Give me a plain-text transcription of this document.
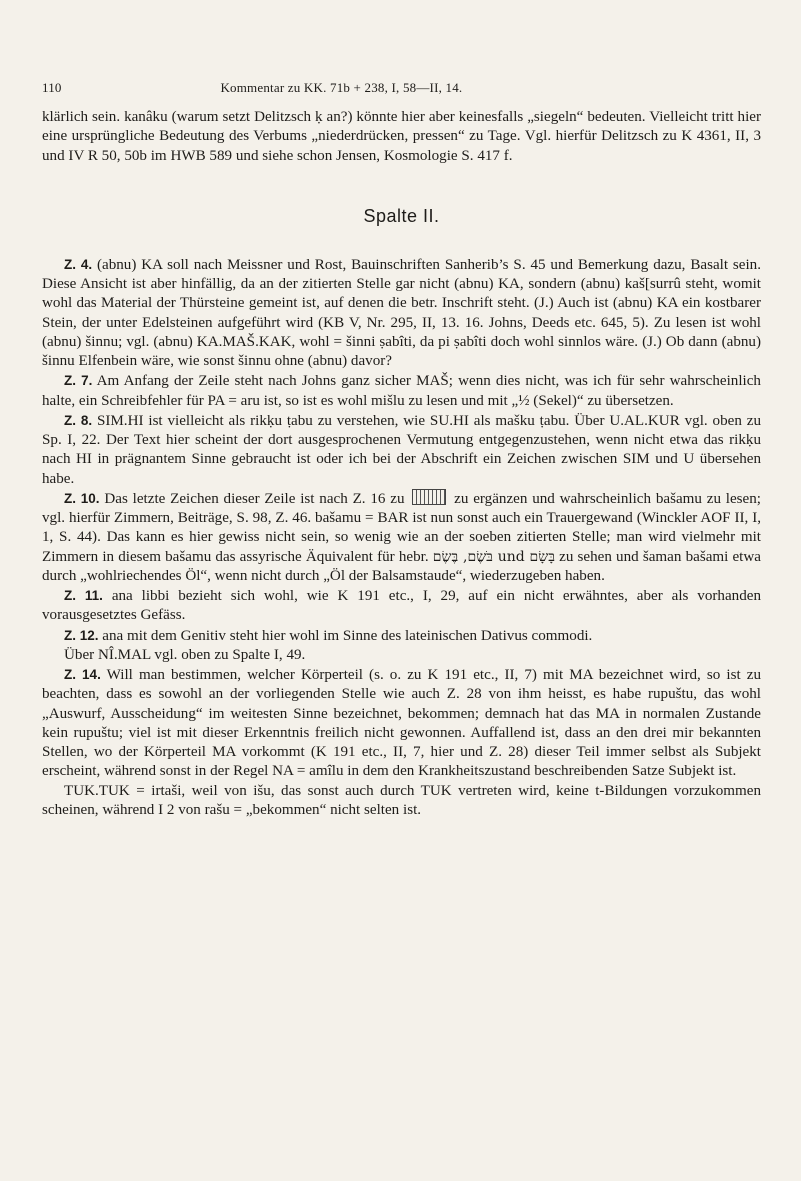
110	Kommentar zu KK. 71b + 238, I, 58—II, 14.

klärlich sein. kanâku (warum setzt Delitzsch ḳ an?) könnte hier aber keinesfalls „siegeln“ bedeuten. Vielleicht tritt hier eine ursprüngliche Bedeutung des Verbums „niederdrücken, pressen“ zu Tage. Vgl. hierfür Delitzsch zu K 4361, II, 3 und IV R 50, 50b im HWB 589 und siehe schon Jensen, Kosmologie S. 417 f.

Spalte II.

Z. 4. (abnu) KA soll nach Meissner und Rost, Bauinschriften Sanherib’s S. 45 und Bemerkung dazu, Basalt sein. Diese Ansicht ist aber hinfällig, da an der zitierten Stelle gar nicht (abnu) KA, sondern (abnu) kaš[surrû steht, womit wohl das Material der Thürsteine gemeint ist, auf denen die betr. Inschrift steht. (J.) Auch ist (abnu) KA ein kostbarer Stein, der unter Edelsteinen aufgeführt wird (KB V, Nr. 295, II, 13. 16. Johns, Deeds etc. 645, 5). Zu lesen ist wohl (abnu) šinnu; vgl. (abnu) KA.MAŠ.KAK, wohl = šinni ṣabîti, da pi ṣabîti doch wohl sinnlos wäre. (J.) Ob dann (abnu) šinnu Elfenbein wäre, wie sonst šinnu ohne (abnu) davor?

Z. 7. Am Anfang der Zeile steht nach Johns ganz sicher MAŠ; wenn dies nicht, was ich für sehr wahrscheinlich halte, ein Schreibfehler für PA = aru ist, so ist es wohl mišlu zu lesen und mit „½ (Sekel)“ zu übersetzen.

Z. 8. SIM.HI ist vielleicht als rikḳu ṭabu zu verstehen, wie SU.HI als mašku ṭabu. Über U.AL.KUR vgl. oben zu Sp. I, 22. Der Text hier scheint der dort ausgesprochenen Vermutung entgegenzustehen, wenn nicht etwa das rikḳu nach HI in prägnantem Sinne gebraucht ist oder ich bei der Abschrift ein Zeichen zwischen SIM und U übersehen habe.

Z. 10. Das letzte Zeichen dieser Zeile ist nach Z. 16 zu	zu ergänzen und wahrscheinlich bašamu zu lesen; vgl. hierfür Zimmern, Beiträge, S. 98, Z. 46. bašamu = BAR ist nun sonst auch ein Trauergewand (Winckler AOF II, I, 1, S. 44). Das kann es hier gewiss nicht sein, so wenig wie an der soeben zitierten Stelle; man wird vielmehr mit Zimmern in diesem bašamu das assyrische Äquivalent für hebr. בֹּשֶׂם, בֶּשֶׂם und בָּשָׂם zu sehen und šaman bašami etwa durch „wohlriechendes Öl“, wenn nicht durch „Öl der Balsamstaude“, wiederzugeben haben.

Z. 11. ana libbi bezieht sich wohl, wie K 191 etc., I, 29, auf ein nicht erwähntes, aber als vorhanden vorausgesetztes Gefäss.

Z. 12. ana mit dem Genitiv steht hier wohl im Sinne des lateinischen Dativus commodi.

Über NÎ.MAL vgl. oben zu Spalte I, 49.

Z. 14. Will man bestimmen, welcher Körperteil (s. o. zu K 191 etc., II, 7) mit MA bezeichnet wird, so ist zu beachten, dass es sowohl an der vorliegenden Stelle wie auch Z. 28 von ihm heisst, es habe rupuštu, das wohl „Auswurf, Ausscheidung“ im weitesten Sinne bezeichnet, bekommen; demnach hat das MA in normalen Zustande kein rupuštu; viel ist mit dieser Erkenntnis freilich nicht gewonnen. Auffallend ist, dass an den drei mir bekannten Stellen, wo der Körperteil MA vorkommt (K 191 etc., II, 7, hier und Z. 28) dieser Teil immer selbst als Subjekt erscheint, während sonst in der Regel NA = amîlu in dem den Krankheitszustand beschreibenden Satze Subjekt ist.

TUK.TUK = irtaši, weil von išu, das sonst auch durch TUK vertreten wird, keine t-Bildungen vorzukommen scheinen, während I 2 von rašu = „bekommen“ nicht selten ist.
